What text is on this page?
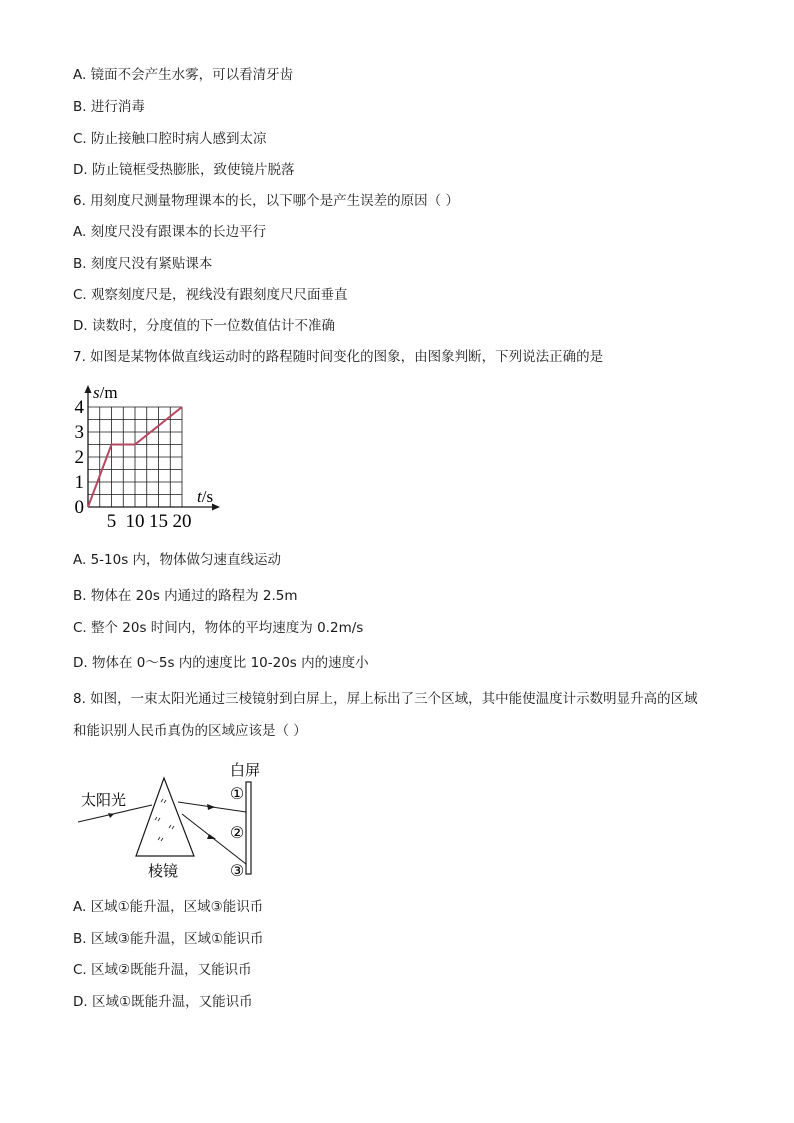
A. 镜面不会产生水雾，可以看清牙齿
B. 进行消毒
C. 防止接触口腔时病人感到太凉
D. 防止镜框受热膨胀，致使镜片脱落
6. 用刻度尺测量物理课本的长，以下哪个是产生误差的原因（ ）
A. 刻度尺没有跟课本的长边平行
B. 刻度尺没有紧贴课本
C. 观察刻度尺是，视线没有跟刻度尺尺面垂直
D. 读数时，分度值的下一位数值估计不准确
7. 如图是某物体做直线运动时的路程随时间变化的图象，由图象判断，下列说法正确的是
s/m
t/s
0
1
2
3
4
5 10 15 20
A. 5-10s 内，物体做匀速直线运动
B. 物体在 20s 内通过的路程为 2.5m
C. 整个 20s 时间内，物体的平均速度为 0.2m/s
D. 物体在 0～5s 内的速度比 10-20s 内的速度小
8. 如图，一束太阳光通过三棱镜射到白屏上，屏上标出了三个区域，其中能使温度计示数明显升高的区域
和能识别人民币真伪的区域应该是（ ）
白屏
太阳光	①
②
③
棱镜
A. 区域①能升温，区域③能识币
B. 区域③能升温，区域①能识币
C. 区域②既能升温，又能识币
D. 区域①既能升温，又能识币
